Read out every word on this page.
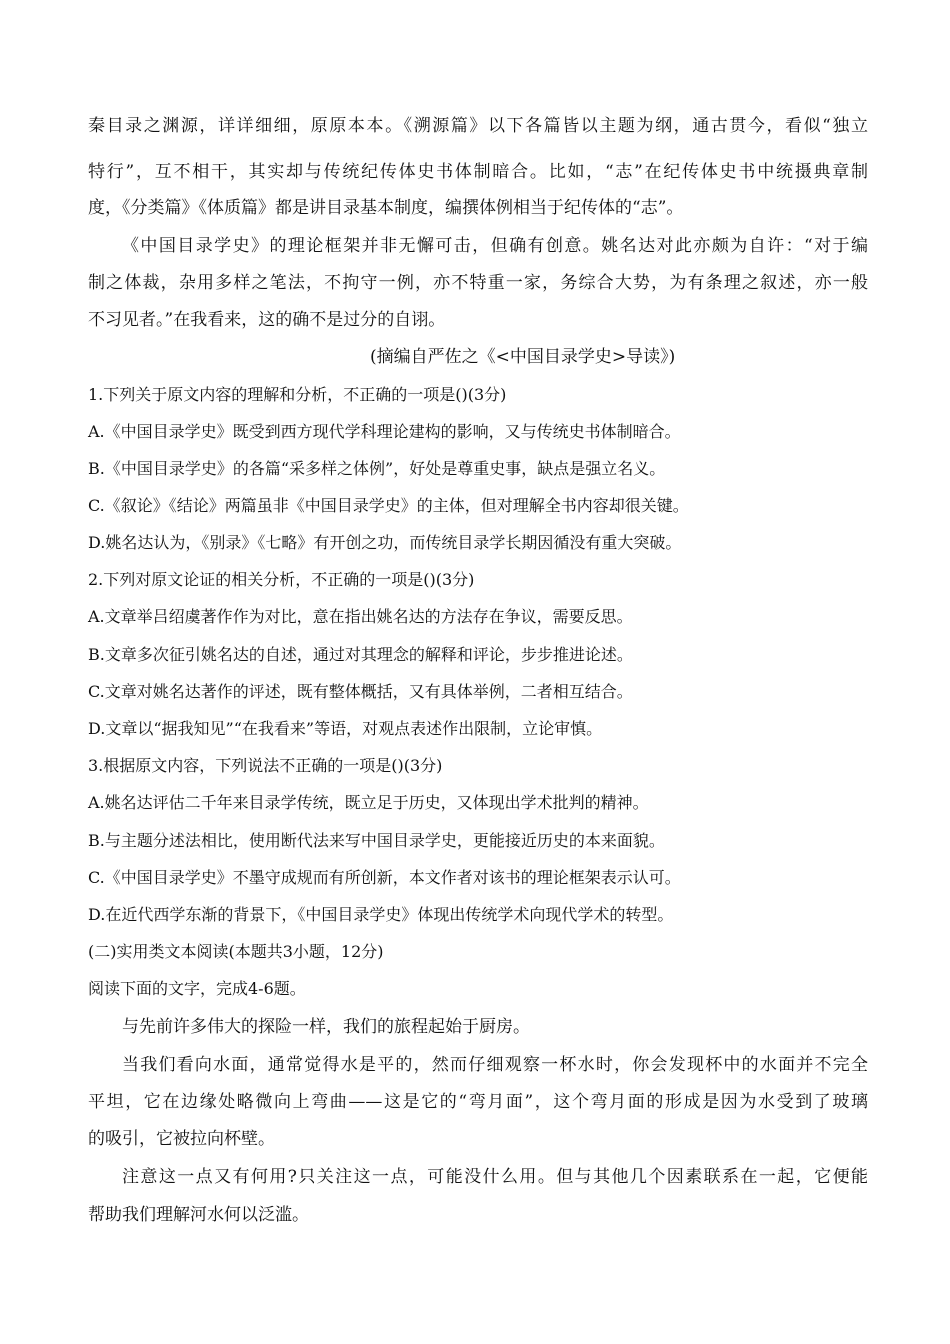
秦目录之渊源，详详细细，原原本本。《溯源篇》以下各篇皆以主题为纲，通古贯今，看似“独立
特行”，互不相干，其实却与传统纪传体史书体制暗合。比如，“志”在纪传体史书中统摄典章制
度，《分类篇》《体质篇》都是讲目录基本制度，编撰体例相当于纪传体的“志”。
《中国目录学史》的理论框架并非无懈可击，但确有创意。姚名达对此亦颇为自许：“对于编
制之体裁，杂用多样之笔法，不拘守一例，亦不特重一家，务综合大势，为有条理之叙述，亦一般
不习见者。”在我看来，这的确不是过分的自诩。
(摘编自严佐之《<中国目录学史>导读》)
1.下列关于原文内容的理解和分析，不正确的一项是()(3分)
A.《中国目录学史》既受到西方现代学科理论建构的影响，又与传统史书体制暗合。
B.《中国目录学史》的各篇“采多样之体例”，好处是尊重史事，缺点是强立名义。
C.《叙论》《结论》两篇虽非《中国目录学史》的主体，但对理解全书内容却很关键。
D.姚名达认为，《别录》《七略》有开创之功，而传统目录学长期因循没有重大突破。
2.下列对原文论证的相关分析，不正确的一项是()(3分)
A.文章举吕绍虞著作作为对比，意在指出姚名达的方法存在争议，需要反思。
B.文章多次征引姚名达的自述，通过对其理念的解释和评论，步步推进论述。
C.文章对姚名达著作的评述，既有整体概括，又有具体举例，二者相互结合。
D.文章以“据我知见”“在我看来”等语，对观点表述作出限制，立论审慎。
3.根据原文内容，下列说法不正确的一项是()(3分)
A.姚名达评估二千年来目录学传统，既立足于历史，又体现出学术批判的精神。
B.与主题分述法相比，使用断代法来写中国目录学史，更能接近历史的本来面貌。
C.《中国目录学史》不墨守成规而有所创新，本文作者对该书的理论框架表示认可。
D.在近代西学东渐的背景下，《中国目录学史》体现出传统学术向现代学术的转型。
(二)实用类文本阅读(本题共3小题，12分)
阅读下面的文字，完成4-6题。
与先前许多伟大的探险一样，我们的旅程起始于厨房。
当我们看向水面，通常觉得水是平的，然而仔细观察一杯水时，你会发现杯中的水面并不完全
平坦，它在边缘处略微向上弯曲——这是它的“弯月面”，这个弯月面的形成是因为水受到了玻璃
的吸引，它被拉向杯壁。
注意这一点又有何用?只关注这一点，可能没什么用。但与其他几个因素联系在一起，它便能
帮助我们理解河水何以泛滥。
